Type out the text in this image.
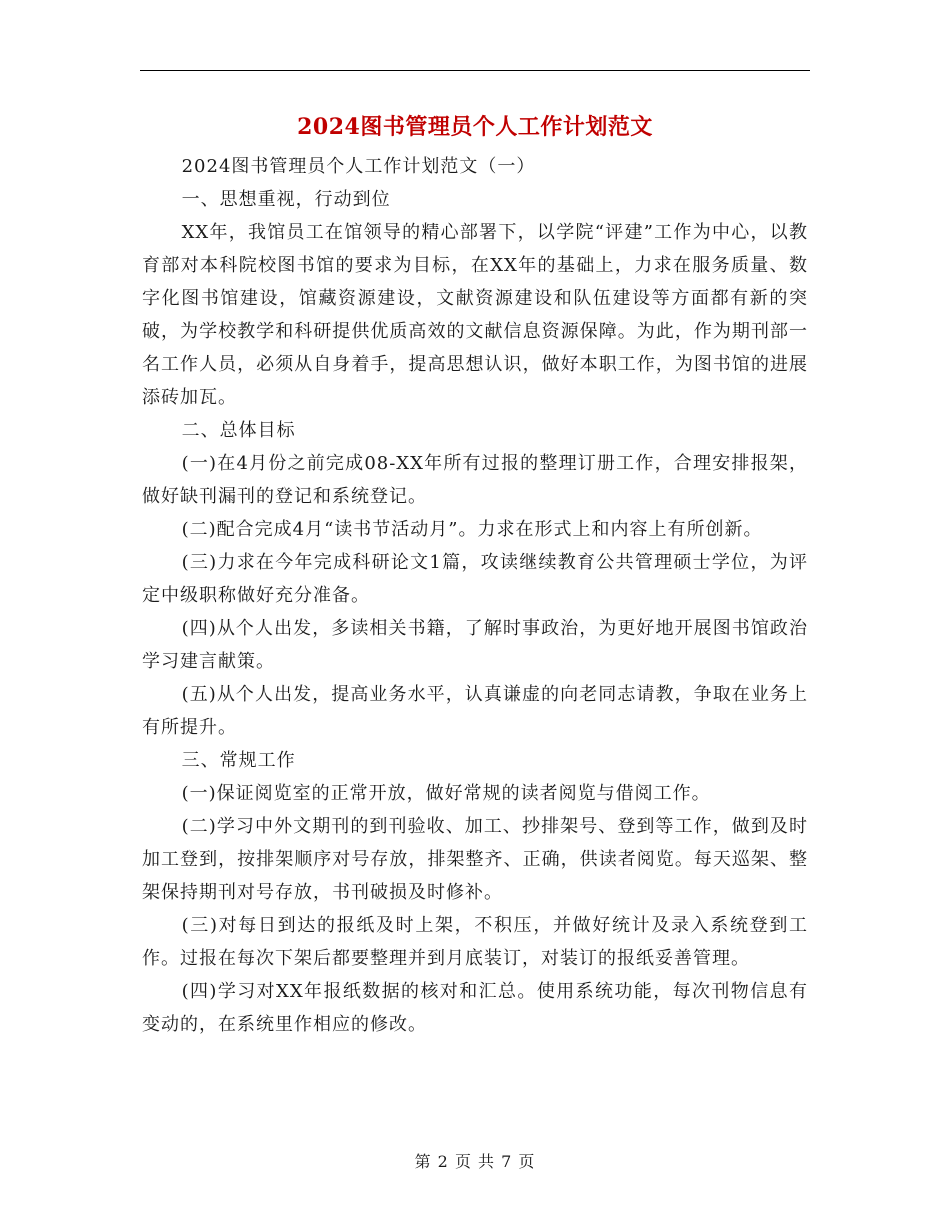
2024图书管理员个人工作计划范文

2024图书管理员个人工作计划范文（一）

一、思想重视，行动到位

XX年，我馆员工在馆领导的精心部署下，以学院“评建”工作为中心，以教育部对本科院校图书馆的要求为目标，在XX年的基础上，力求在服务质量、数字化图书馆建设，馆藏资源建设，文献资源建设和队伍建设等方面都有新的突破，为学校教学和科研提供优质高效的文献信息资源保障。为此，作为期刊部一名工作人员，必须从自身着手，提高思想认识，做好本职工作，为图书馆的进展添砖加瓦。

二、总体目标

(一)在4月份之前完成08-XX年所有过报的整理订册工作，合理安排报架，做好缺刊漏刊的登记和系统登记。

(二)配合完成4月“读书节活动月”。力求在形式上和内容上有所创新。

(三)力求在今年完成科研论文1篇，攻读继续教育公共管理硕士学位，为评定中级职称做好充分准备。

(四)从个人出发，多读相关书籍，了解时事政治，为更好地开展图书馆政治学习建言献策。

(五)从个人出发，提高业务水平，认真谦虚的向老同志请教，争取在业务上有所提升。

三、常规工作

(一)保证阅览室的正常开放，做好常规的读者阅览与借阅工作。

(二)学习中外文期刊的到刊验收、加工、抄排架号、登到等工作，做到及时加工登到，按排架顺序对号存放，排架整齐、正确，供读者阅览。每天巡架、整架保持期刊对号存放，书刊破损及时修补。

(三)对每日到达的报纸及时上架，不积压，并做好统计及录入系统登到工作。过报在每次下架后都要整理并到月底装订，对装订的报纸妥善管理。

(四)学习对XX年报纸数据的核对和汇总。使用系统功能，每次刊物信息有变动的，在系统里作相应的修改。

第 2 页 共 7 页
